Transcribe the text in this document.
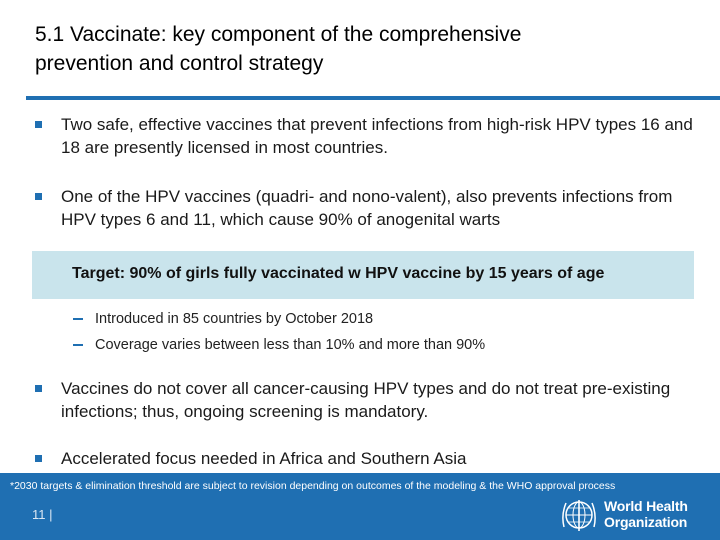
5.1 Vaccinate: key component of the comprehensive
prevention and control strategy
Two safe, effective vaccines that prevent infections from high-risk HPV types 16 and 18 are presently licensed in most countries.
One of the HPV vaccines (quadri- and nono-valent), also prevents infections from HPV types 6 and 11, which cause 90% of anogenital warts
Target: 90% of girls fully vaccinated w HPV vaccine by 15 years of age
Introduced in 85 countries by October 2018
Coverage varies between less than 10% and more than 90%
Vaccines do not cover all cancer-causing HPV types and do not treat pre-existing infections; thus, ongoing screening is mandatory.
Accelerated focus needed in Africa and Southern Asia
*2030 targets & elimination threshold are subject to revision depending on outcomes of the modeling & the WHO approval process
11 |
World Health
Organization
